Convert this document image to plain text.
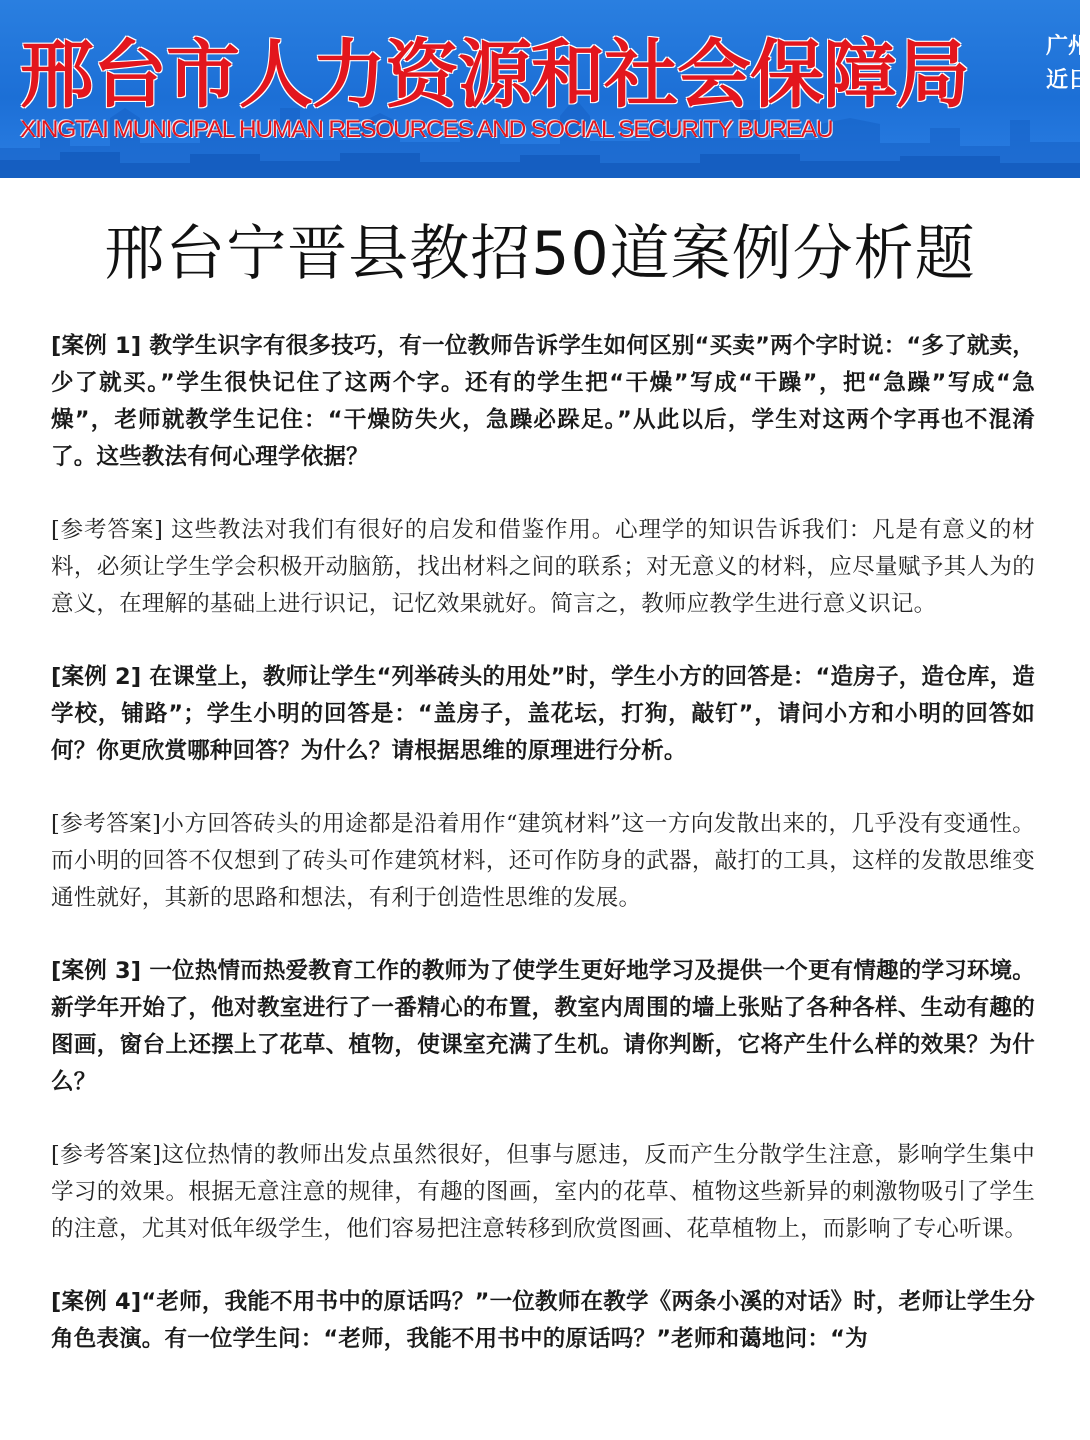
邢台市人力资源和社会保障局
XINGTAI MUNICIPAL HUMAN RESOURCES AND SOCIAL SECURITY BUREAU
广州
近日
邢台宁晋县教招50道案例分析题

[案例 1] 教学生识字有很多技巧，有一位教师告诉学生如何区别“买卖”两个字时说：“多了就卖，少了就买。”学生很快记住了这两个字。还有的学生把“干燥”写成“干躁”，把“急躁”写成“急燥”，老师就教学生记住：“干燥防失火，急躁必跺足。”从此以后，学生对这两个字再也不混淆了。这些教法有何心理学依据？

[参考答案] 这些教法对我们有很好的启发和借鉴作用。心理学的知识告诉我们：凡是有意义的材料，必须让学生学会积极开动脑筋，找出材料之间的联系；对无意义的材料，应尽量赋予其人为的意义，在理解的基础上进行识记，记忆效果就好。简言之，教师应教学生进行意义识记。

[案例 2] 在课堂上，教师让学生“列举砖头的用处”时，学生小方的回答是：“造房子，造仓库，造学校，铺路”；学生小明的回答是：“盖房子，盖花坛，打狗，敲钉”，请问小方和小明的回答如何？你更欣赏哪种回答？为什么？请根据思维的原理进行分析。

[参考答案]小方回答砖头的用途都是沿着用作“建筑材料”这一方向发散出来的，几乎没有变通性。而小明的回答不仅想到了砖头可作建筑材料，还可作防身的武器，敲打的工具，这样的发散思维变通性就好，其新的思路和想法，有利于创造性思维的发展。

[案例 3] 一位热情而热爱教育工作的教师为了使学生更好地学习及提供一个更有情趣的学习环境。新学年开始了，他对教室进行了一番精心的布置，教室内周围的墙上张贴了各种各样、生动有趣的图画，窗台上还摆上了花草、植物，使课室充满了生机。请你判断，它将产生什么样的效果？为什么？

[参考答案]这位热情的教师出发点虽然很好，但事与愿违，反而产生分散学生注意，影响学生集中学习的效果。根据无意注意的规律，有趣的图画，室内的花草、植物这些新异的刺激物吸引了学生的注意，尤其对低年级学生，他们容易把注意转移到欣赏图画、花草植物上，而影响了专心听课。

[案例 4]“老师，我能不用书中的原话吗？”一位教师在教学《两条小溪的对话》时，老师让学生分角色表演。有一位学生问：“老师，我能不用书中的原话吗？”老师和蔼地问：“为
